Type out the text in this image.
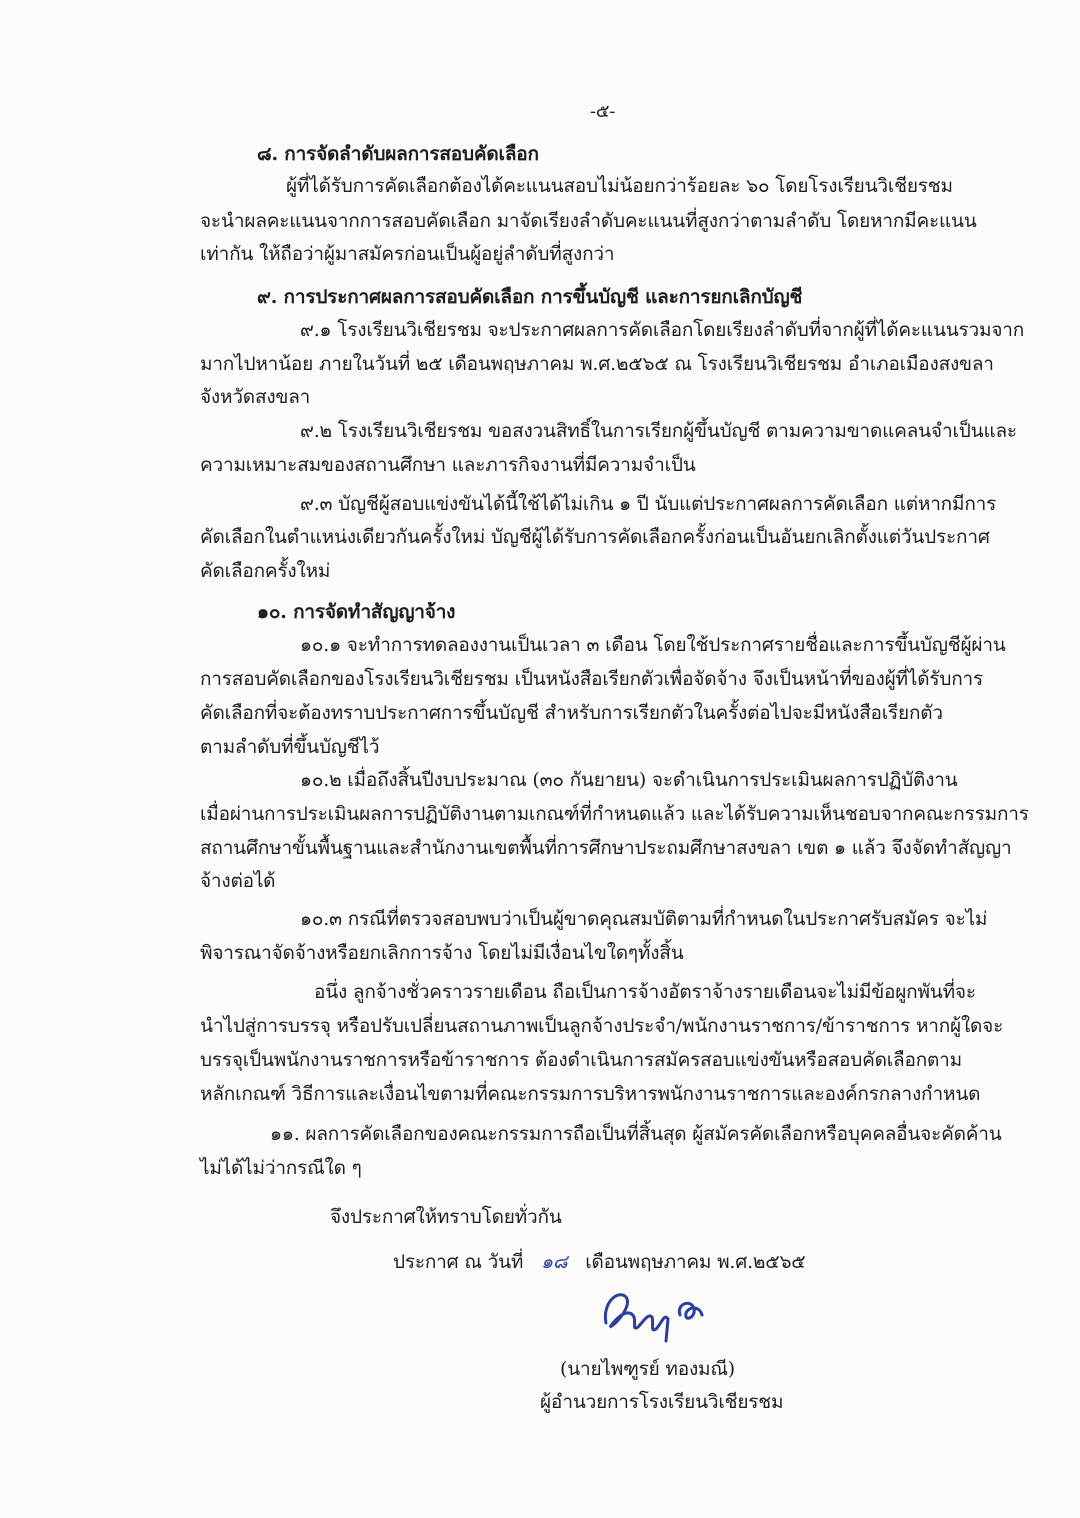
-๕-
๘. การจัดลำดับผลการสอบคัดเลือก
ผู้ที่ได้รับการคัดเลือกต้องได้คะแนนสอบไม่น้อยกว่าร้อยละ ๖๐ โดยโรงเรียนวิเชียรชม
จะนำผลคะแนนจากการสอบคัดเลือก มาจัดเรียงลำดับคะแนนที่สูงกว่าตามลำดับ โดยหากมีคะแนน
เท่ากัน ให้ถือว่าผู้มาสมัครก่อนเป็นผู้อยู่ลำดับที่สูงกว่า
๙. การประกาศผลการสอบคัดเลือก การขึ้นบัญชี และการยกเลิกบัญชี
๙.๑ โรงเรียนวิเชียรชม จะประกาศผลการคัดเลือกโดยเรียงลำดับที่จากผู้ที่ได้คะแนนรวมจาก
มากไปหาน้อย ภายในวันที่ ๒๕ เดือนพฤษภาคม พ.ศ.๒๕๖๕ ณ โรงเรียนวิเชียรชม อำเภอเมืองสงขลา
จังหวัดสงขลา
๙.๒ โรงเรียนวิเชียรชม ขอสงวนสิทธิ์ในการเรียกผู้ขึ้นบัญชี ตามความขาดแคลนจำเป็นและ
ความเหมาะสมของสถานศึกษา และภารกิจงานที่มีความจำเป็น
๙.๓ บัญชีผู้สอบแข่งขันได้นี้ใช้ได้ไม่เกิน ๑ ปี นับแต่ประกาศผลการคัดเลือก แต่หากมีการ
คัดเลือกในตำแหน่งเดียวกันครั้งใหม่ บัญชีผู้ได้รับการคัดเลือกครั้งก่อนเป็นอันยกเลิกตั้งแต่วันประกาศ
คัดเลือกครั้งใหม่
๑๐. การจัดทำสัญญาจ้าง
๑๐.๑ จะทำการทดลองงานเป็นเวลา ๓ เดือน โดยใช้ประกาศรายชื่อและการขึ้นบัญชีผู้ผ่าน
การสอบคัดเลือกของโรงเรียนวิเชียรชม เป็นหนังสือเรียกตัวเพื่อจัดจ้าง จึงเป็นหน้าที่ของผู้ที่ได้รับการ
คัดเลือกที่จะต้องทราบประกาศการขึ้นบัญชี สำหรับการเรียกตัวในครั้งต่อไปจะมีหนังสือเรียกตัว
ตามลำดับที่ขึ้นบัญชีไว้
๑๐.๒ เมื่อถึงสิ้นปีงบประมาณ (๓๐ กันยายน) จะดำเนินการประเมินผลการปฏิบัติงาน
เมื่อผ่านการประเมินผลการปฏิบัติงานตามเกณฑ์ที่กำหนดแล้ว และได้รับความเห็นชอบจากคณะกรรมการ
สถานศึกษาขั้นพื้นฐานและสำนักงานเขตพื้นที่การศึกษาประถมศึกษาสงขลา เขต ๑ แล้ว จึงจัดทำสัญญา
จ้างต่อได้
๑๐.๓ กรณีที่ตรวจสอบพบว่าเป็นผู้ขาดคุณสมบัติตามที่กำหนดในประกาศรับสมัคร จะไม่
พิจารณาจัดจ้างหรือยกเลิกการจ้าง โดยไม่มีเงื่อนไขใดๆทั้งสิ้น
อนึ่ง ลูกจ้างชั่วคราวรายเดือน ถือเป็นการจ้างอัตราจ้างรายเดือนจะไม่มีข้อผูกพันที่จะ
นำไปสู่การบรรจุ หรือปรับเปลี่ยนสถานภาพเป็นลูกจ้างประจำ/พนักงานราชการ/ข้าราชการ หากผู้ใดจะ
บรรจุเป็นพนักงานราชการหรือข้าราชการ ต้องดำเนินการสมัครสอบแข่งขันหรือสอบคัดเลือกตาม
หลักเกณฑ์ วิธีการและเงื่อนไขตามที่คณะกรรมการบริหารพนักงานราชการและองค์กรกลางกำหนด
๑๑. ผลการคัดเลือกของคณะกรรมการถือเป็นที่สิ้นสุด ผู้สมัครคัดเลือกหรือบุคคลอื่นจะคัดค้าน
ไม่ได้ไม่ว่ากรณีใด ๆ
จึงประกาศให้ทราบโดยทั่วกัน
ประกาศ ณ วันที่ ๑๘ เดือนพฤษภาคม พ.ศ.๒๕๖๕
(นายไพฑูรย์ ทองมณี)
ผู้อำนวยการโรงเรียนวิเชียรชม
